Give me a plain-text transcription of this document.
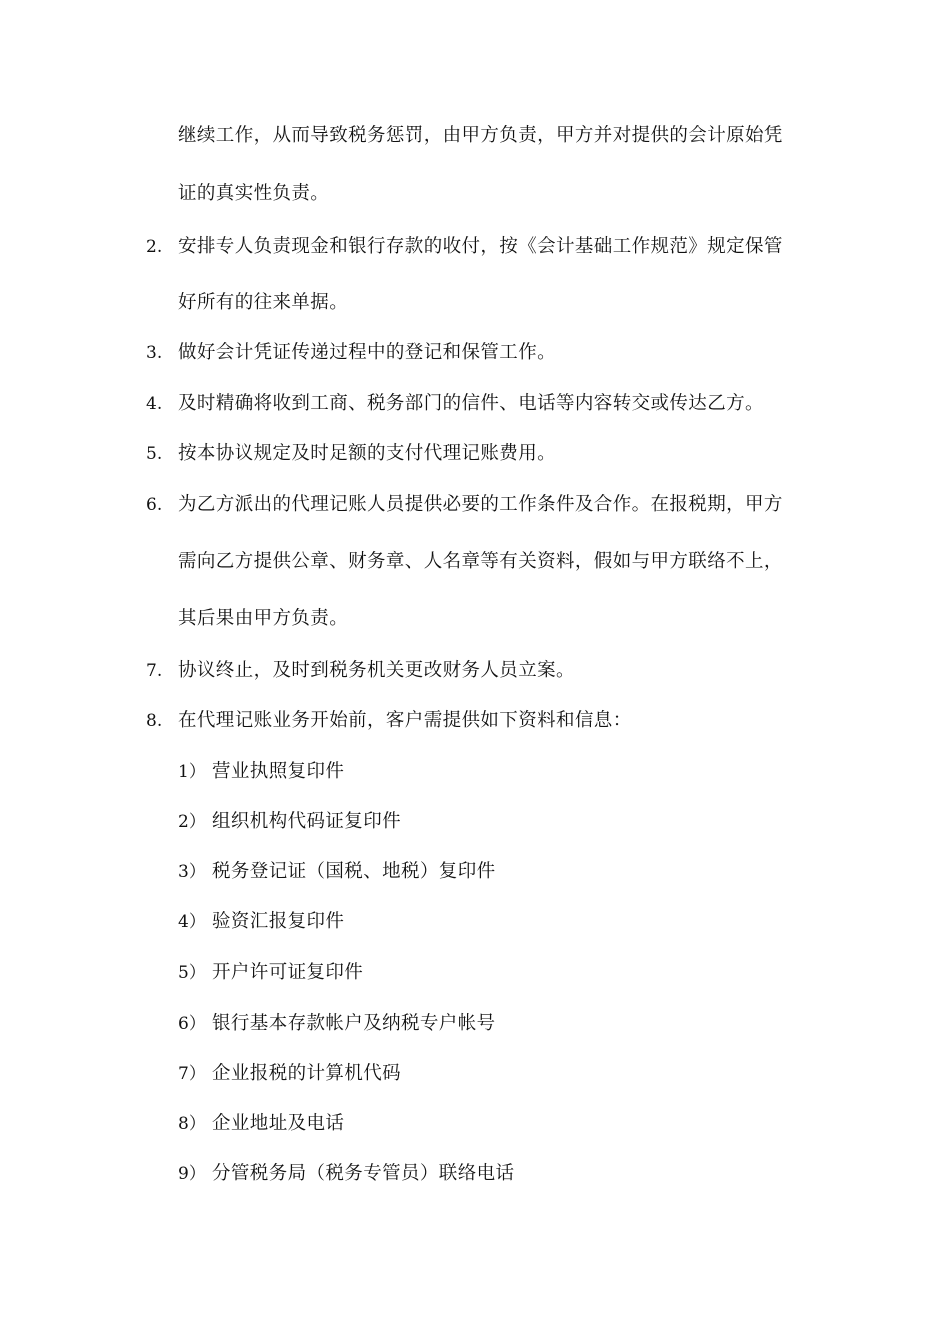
继续工作，从而导致税务惩罚，由甲方负责，甲方并对提供的会计原始凭
证的真实性负责。
2. 安排专人负责现金和银行存款的收付，按《会计基础工作规范》规定保管
好所有的往来单据。
3. 做好会计凭证传递过程中的登记和保管工作。
4. 及时精确将收到工商、税务部门的信件、电话等内容转交或传达乙方。
5. 按本协议规定及时足额的支付代理记账费用。
6. 为乙方派出的代理记账人员提供必要的工作条件及合作。在报税期，甲方
需向乙方提供公章、财务章、人名章等有关资料，假如与甲方联络不上，
其后果由甲方负责。
7. 协议终止，及时到税务机关更改财务人员立案。
8. 在代理记账业务开始前，客户需提供如下资料和信息：
1） 营业执照复印件
2） 组织机构代码证复印件
3） 税务登记证（国税、地税）复印件
4） 验资汇报复印件
5） 开户许可证复印件
6） 银行基本存款帐户及纳税专户帐号
7） 企业报税的计算机代码
8） 企业地址及电话
9） 分管税务局（税务专管员）联络电话
